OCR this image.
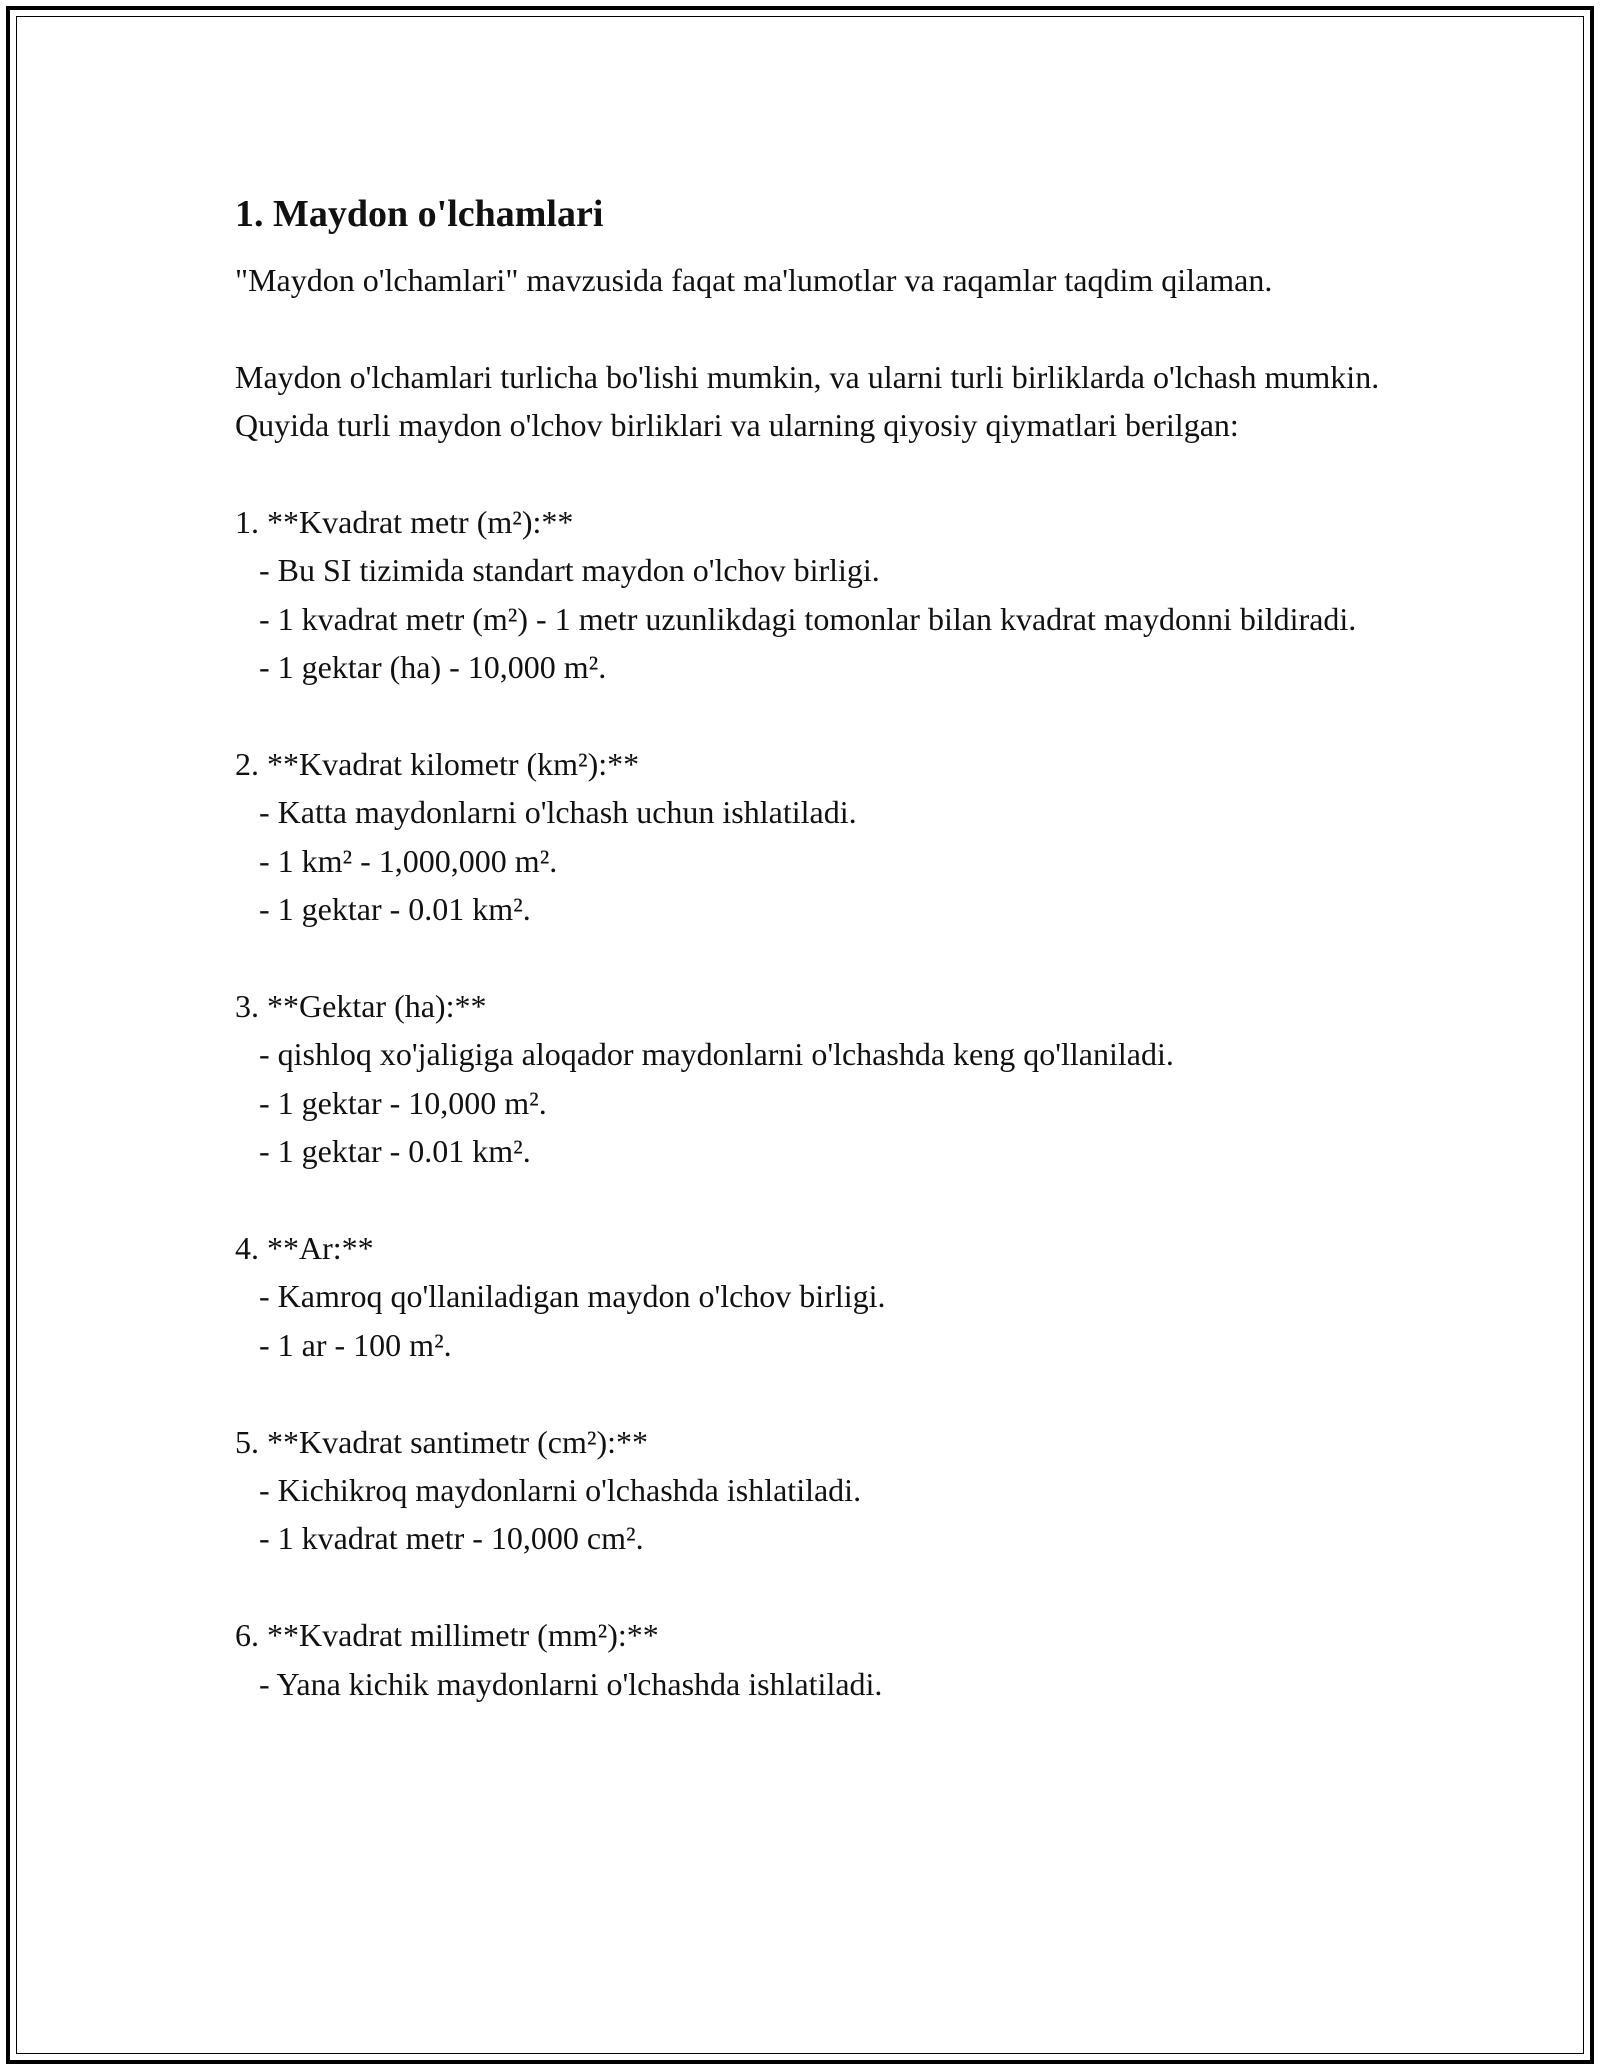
1. Maydon o'lchamlari

"Maydon o'lchamlari" mavzusida faqat ma'lumotlar va raqamlar taqdim qilaman.

Maydon o'lchamlari turlicha bo'lishi mumkin, va ularni turli birliklarda o'lchash mumkin. Quyida turli maydon o'lchov birliklari va ularning qiyosiy qiymatlari berilgan:

1. **Kvadrat metr (m²):**
- Bu SI tizimida standart maydon o'lchov birligi.
- 1 kvadrat metr (m²) - 1 metr uzunlikdagi tomonlar bilan kvadrat maydonni bildiradi.
- 1 gektar (ha) - 10,000 m².
2. **Kvadrat kilometr (km²):**
- Katta maydonlarni o'lchash uchun ishlatiladi.
- 1 km² - 1,000,000 m².
- 1 gektar - 0.01 km².
3. **Gektar (ha):**
- qishloq xo'jaligiga aloqador maydonlarni o'lchashda keng qo'llaniladi.
- 1 gektar - 10,000 m².
- 1 gektar - 0.01 km².
4. **Ar:**
- Kamroq qo'llaniladigan maydon o'lchov birligi.
- 1 ar - 100 m².
5. **Kvadrat santimetr (cm²):**
- Kichikroq maydonlarni o'lchashda ishlatiladi.
- 1 kvadrat metr - 10,000 cm².
6. **Kvadrat millimetr (mm²):**
- Yana kichik maydonlarni o'lchashda ishlatiladi.
